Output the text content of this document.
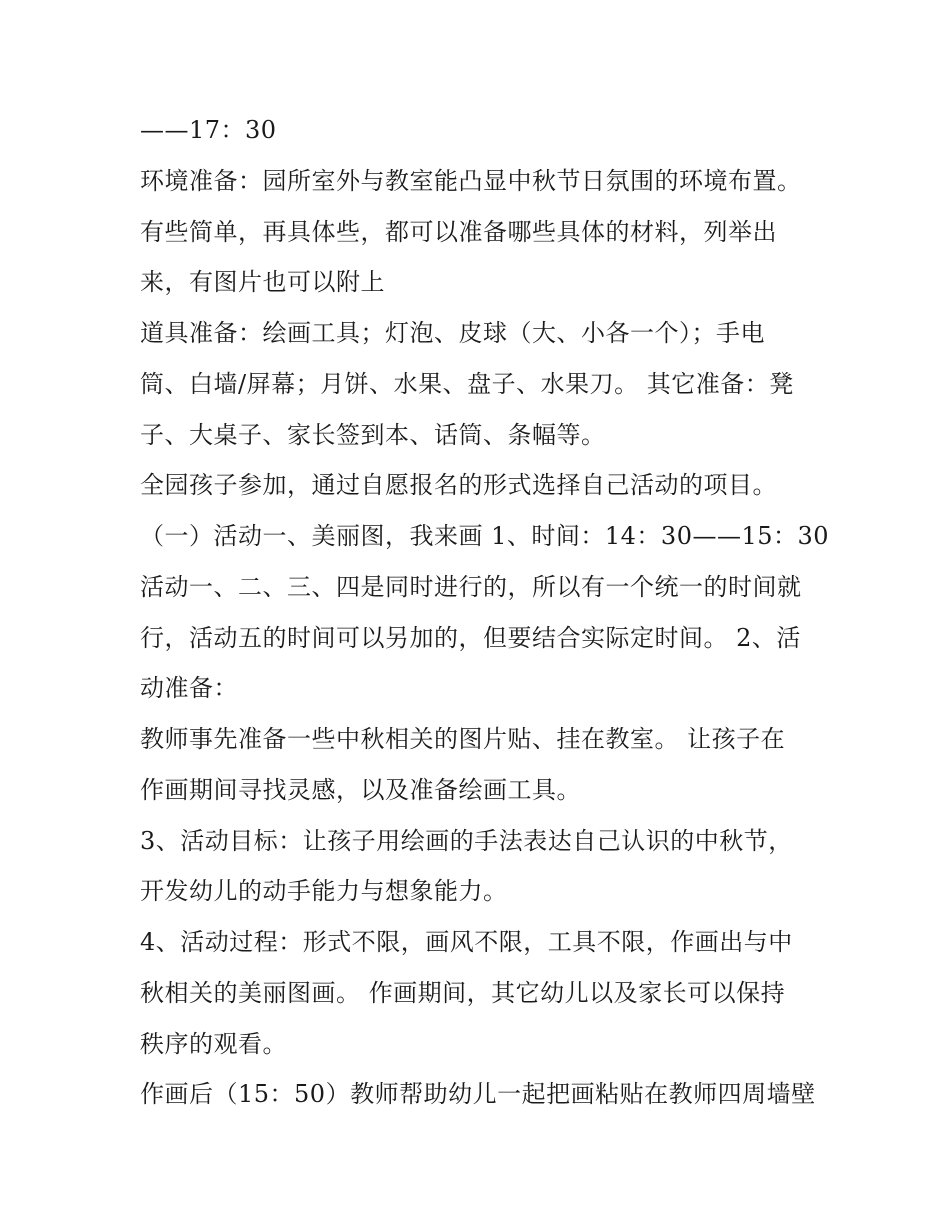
——17：30
环境准备：园所室外与教室能凸显中秋节日氛围的环境布置。
有些简单，再具体些，都可以准备哪些具体的材料，列举出
来，有图片也可以附上
道具准备：绘画工具；灯泡、皮球（大、小各一个）；手电
筒、白墙/屏幕；月饼、水果、盘子、水果刀。 其它准备：凳
子、大桌子、家长签到本、话筒、条幅等。
全园孩子参加，通过自愿报名的形式选择自己活动的项目。
（一）活动一、美丽图，我来画 1、时间：14：30——15：30
活动一、二、三、四是同时进行的，所以有一个统一的时间就
行，活动五的时间可以另加的，但要结合实际定时间。 2、活
动准备：
教师事先准备一些中秋相关的图片贴、挂在教室。 让孩子在
作画期间寻找灵感，以及准备绘画工具。
3、活动目标：让孩子用绘画的手法表达自己认识的中秋节，
开发幼儿的动手能力与想象能力。
4、活动过程：形式不限，画风不限，工具不限，作画出与中
秋相关的美丽图画。 作画期间，其它幼儿以及家长可以保持
秩序的观看。
作画后（15：50）教师帮助幼儿一起把画粘贴在教师四周墙壁
